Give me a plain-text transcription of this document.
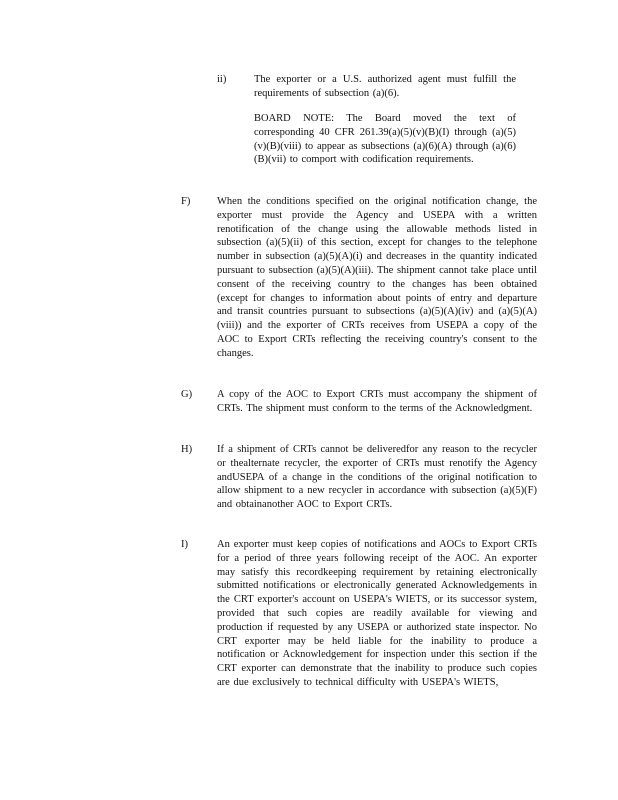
ii)	The exporter or a U.S. authorized agent must fulfill the requirements of subsection (a)(6).
BOARD NOTE: The Board moved the text of corresponding 40 CFR 261.39(a)(5)(v)(B)(I) through (a)(5)(v)(B)(viii) to appear as subsections (a)(6)(A) through (a)(6)(B)(vii) to comport with codification requirements.
F)	When the conditions specified on the original notification change, the exporter must provide the Agency and USEPA with a written renotification of the change using the allowable methods listed in subsection (a)(5)(ii) of this section, except for changes to the telephone number in subsection (a)(5)(A)(i) and decreases in the quantity indicated pursuant to subsection (a)(5)(A)(iii). The shipment cannot take place until consent of the receiving country to the changes has been obtained (except for changes to information about points of entry and departure and transit countries pursuant to subsections (a)(5)(A)(iv) and (a)(5)(A)(viii)) and the exporter of CRTs receives from USEPA a copy of the AOC to Export CRTs reflecting the receiving country's consent to the changes.
G) A copy of the AOC to Export CRTs must accompany the shipment of CRTs. The shipment must conform to the terms of the Acknowledgment.
H) If a shipment of CRTs cannot be deliveredfor any reason to the recycler or thealternate recycler, the exporter of CRTs must renotify the Agency andUSEPA of a change in the conditions of the original notification to allow shipment to a new recycler in accordance with subsection (a)(5)(F) and obtainanother AOC to Export CRTs.
I)	An exporter must keep copies of notifications and AOCs to Export CRTs for a period of three years following receipt of the AOC. An exporter may satisfy this recordkeeping requirement by retaining electronically submitted notifications or electronically generated Acknowledgements in the CRT exporter's account on USEPA's WIETS, or its successor system, provided that such copies are readily available for viewing and production if requested by any USEPA or authorized state inspector. No CRT exporter may be held liable for the inability to produce a notification or Acknowledgement for inspection under this section if the CRT exporter can demonstrate that the inability to produce such copies are due exclusively to technical difficulty with USEPA's WIETS,
